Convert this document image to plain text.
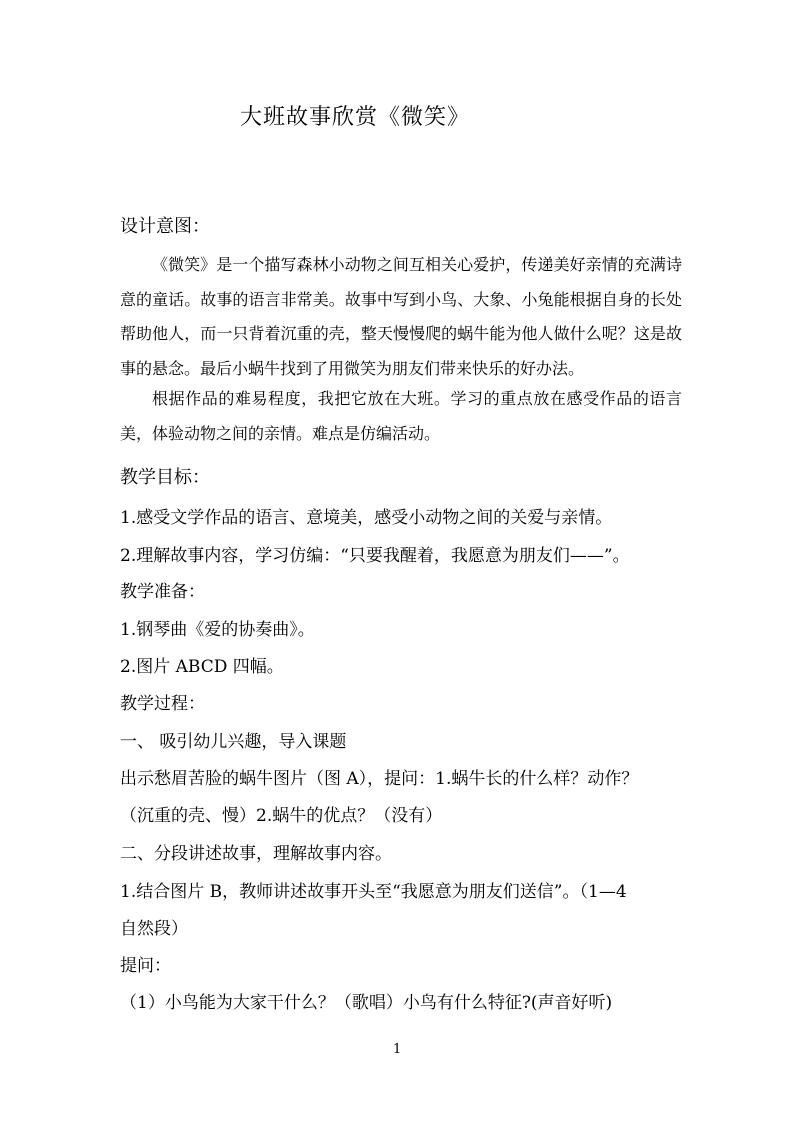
大班故事欣赏《微笑》
设计意图：

《微笑》是一个描写森林小动物之间互相关心爱护，传递美好亲情的充满诗意的童话。故事的语言非常美。故事中写到小鸟、大象、小兔能根据自身的长处帮助他人，而一只背着沉重的壳，整天慢慢爬的蜗牛能为他人做什么呢？这是故事的悬念。最后小蜗牛找到了用微笑为朋友们带来快乐的好办法。

根据作品的难易程度，我把它放在大班。学习的重点放在感受作品的语言美，体验动物之间的亲情。难点是仿编活动。

教学目标：
1.感受文学作品的语言、意境美，感受小动物之间的关爱与亲情。
2.理解故事内容，学习仿编：“只要我醒着，我愿意为朋友们——”。
教学准备：
1.钢琴曲《爱的协奏曲》。
2.图片 ABCD 四幅。
教学过程：
一、 吸引幼儿兴趣，导入课题
出示愁眉苦脸的蜗牛图片（图 A），提问：1.蜗牛长的什么样？动作？
（沉重的壳、慢）2.蜗牛的优点？（没有）
二、分段讲述故事，理解故事内容。
1.结合图片 B，教师讲述故事开头至“我愿意为朋友们送信”。（1—4
自然段）
提问：
（1）小鸟能为大家干什么？（歌唱）小鸟有什么特征?(声音好听)
1
